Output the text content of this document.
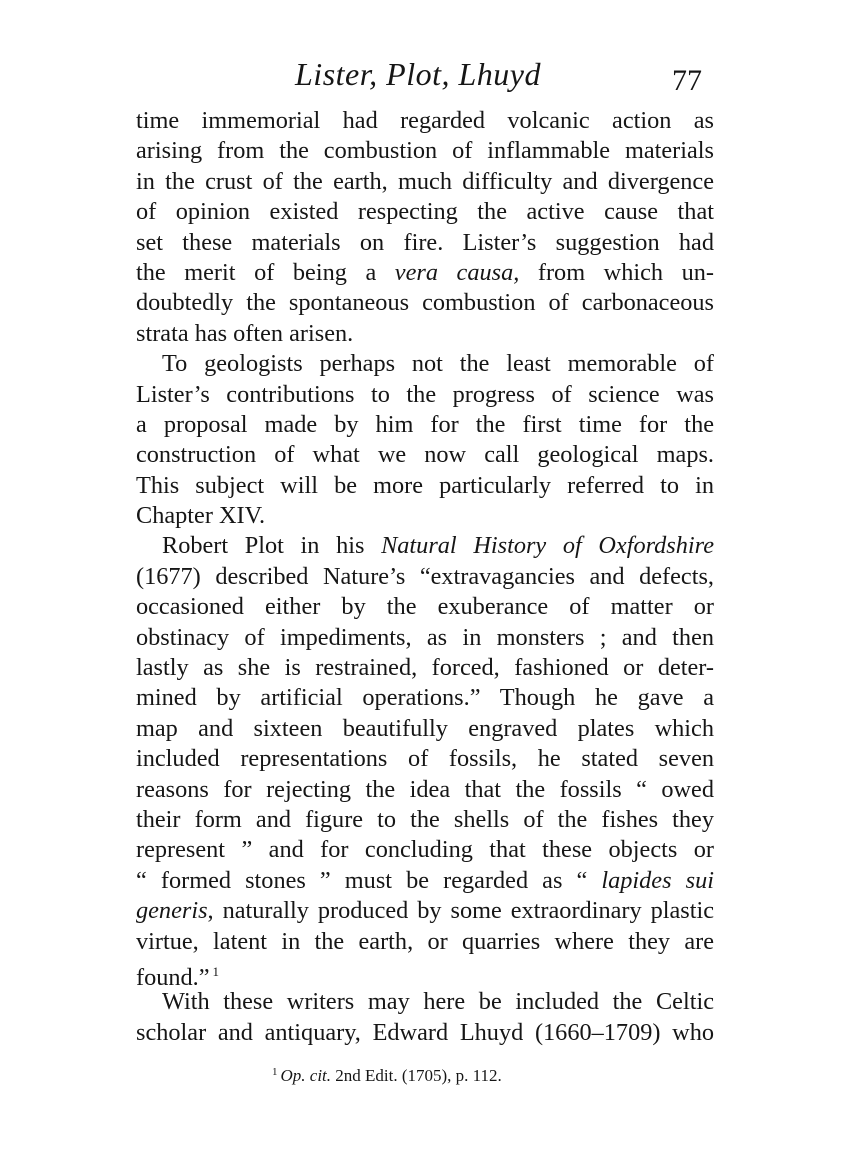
Lister, Plot, Lhuyd	77
time immemorial had regarded volcanic action as
arising from the combustion of inflammable materials
in the crust of the earth, much difficulty and divergence
of opinion existed respecting the active cause that
set these materials on fire. Lister’s suggestion had
the merit of being a vera causa, from which un-
doubtedly the spontaneous combustion of carbonaceous
strata has often arisen.
To geologists perhaps not the least memorable of
Lister’s contributions to the progress of science was
a proposal made by him for the first time for the
construction of what we now call geological maps.
This subject will be more particularly referred to in
Chapter XIV.
Robert Plot in his Natural History of Oxfordshire
(1677) described Nature’s “extravagancies and defects,
occasioned either by the exuberance of matter or
obstinacy of impediments, as in monsters ; and then
lastly as she is restrained, forced, fashioned or deter-
mined by artificial operations.” Though he gave a
map and sixteen beautifully engraved plates which
included representations of fossils, he stated seven
reasons for rejecting the idea that the fossils “ owed
their form and figure to the shells of the fishes they
represent ” and for concluding that these objects or
“ formed stones ” must be regarded as “ lapides sui
generis, naturally produced by some extraordinary plastic
virtue, latent in the earth, or quarries where they are
found.” $^1$
With these writers may here be included the Celtic
scholar and antiquary, Edward Lhuyd (1660–1709) who
$^1$ Op. cit. 2nd Edit. (1705), p. 112.
